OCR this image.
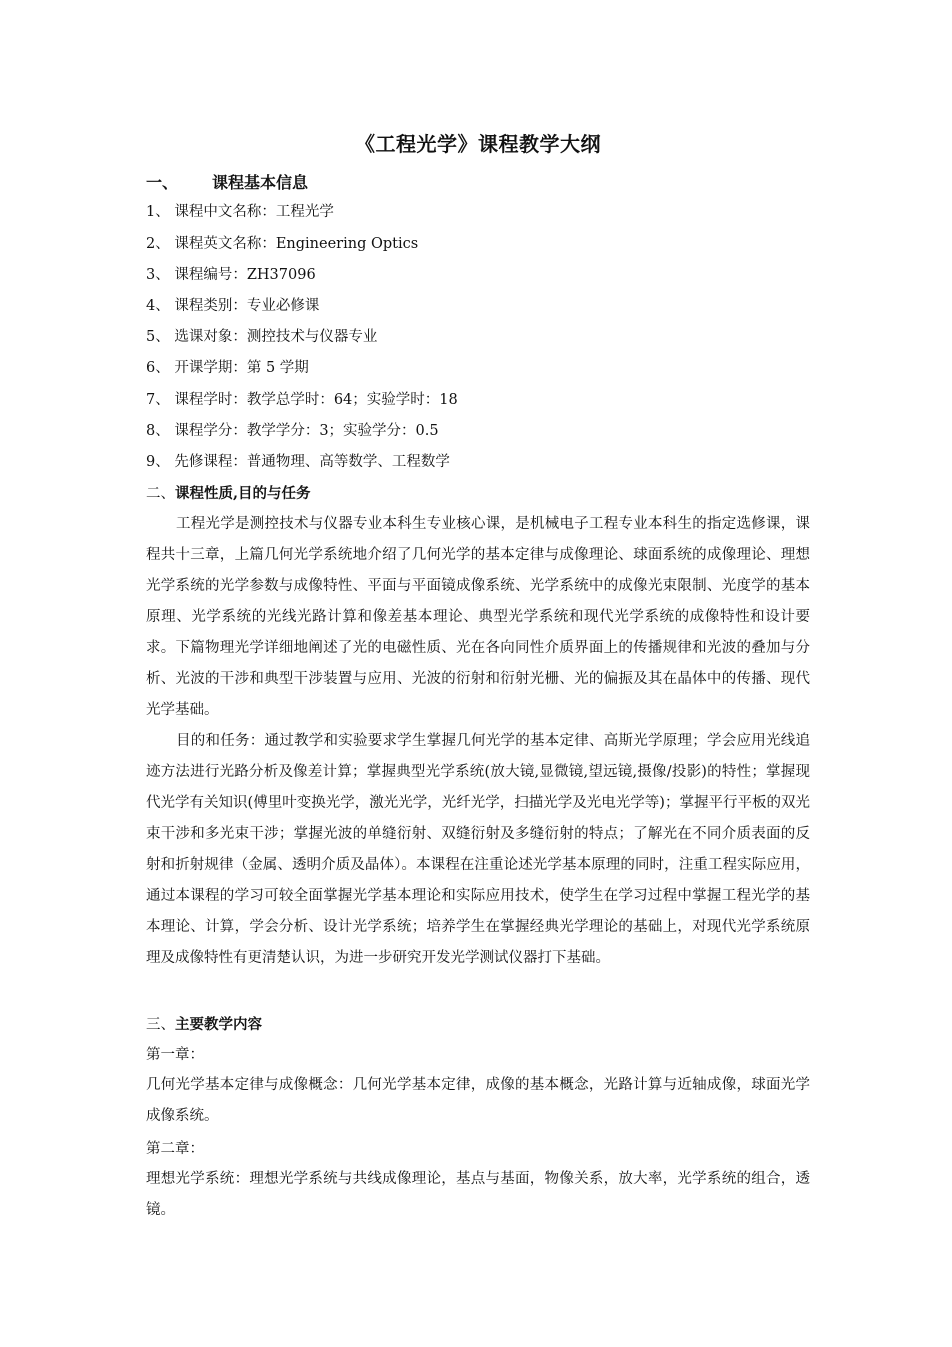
《工程光学》课程教学大纲
一、 课程基本信息
1、 课程中文名称：工程光学
2、 课程英文名称：Engineering Optics
3、 课程编号：ZH37096
4、 课程类别：专业必修课
5、 选课对象：测控技术与仪器专业
6、 开课学期：第 5 学期
7、 课程学时：教学总学时：64；实验学时：18
8、 课程学分：教学学分：3；实验学分：0.5
9、 先修课程：普通物理、高等数学、工程数学
二、课程性质,目的与任务
工程光学是测控技术与仪器专业本科生专业核心课，是机械电子工程专业本科生的指定选修课，课程共十三章，上篇几何光学系统地介绍了几何光学的基本定律与成像理论、球面系统的成像理论、理想光学系统的光学参数与成像特性、平面与平面镜成像系统、光学系统中的成像光束限制、光度学的基本原理、光学系统的光线光路计算和像差基本理论、典型光学系统和现代光学系统的成像特性和设计要求。下篇物理光学详细地阐述了光的电磁性质、光在各向同性介质界面上的传播规律和光波的叠加与分析、光波的干涉和典型干涉装置与应用、光波的衍射和衍射光栅、光的偏振及其在晶体中的传播、现代光学基础。
目的和任务：通过教学和实验要求学生掌握几何光学的基本定律、高斯光学原理；学会应用光线追迹方法进行光路分析及像差计算；掌握典型光学系统(放大镜,显微镜,望远镜,摄像/投影)的特性；掌握现代光学有关知识(傅里叶变换光学，激光光学，光纤光学，扫描光学及光电光学等)；掌握平行平板的双光束干涉和多光束干涉；掌握光波的单缝衍射、双缝衍射及多缝衍射的特点；了解光在不同介质表面的反射和折射规律（金属、透明介质及晶体）。本课程在注重论述光学基本原理的同时，注重工程实际应用，通过本课程的学习可较全面掌握光学基本理论和实际应用技术，使学生在学习过程中掌握工程光学的基本理论、计算，学会分析、设计光学系统；培养学生在掌握经典光学理论的基础上，对现代光学系统原理及成像特性有更清楚认识，为进一步研究开发光学测试仪器打下基础。
三、主要教学内容
第一章：
几何光学基本定律与成像概念：几何光学基本定律，成像的基本概念，光路计算与近轴成像，球面光学成像系统。
第二章：
理想光学系统：理想光学系统与共线成像理论，基点与基面，物像关系，放大率，光学系统的组合，透镜。
